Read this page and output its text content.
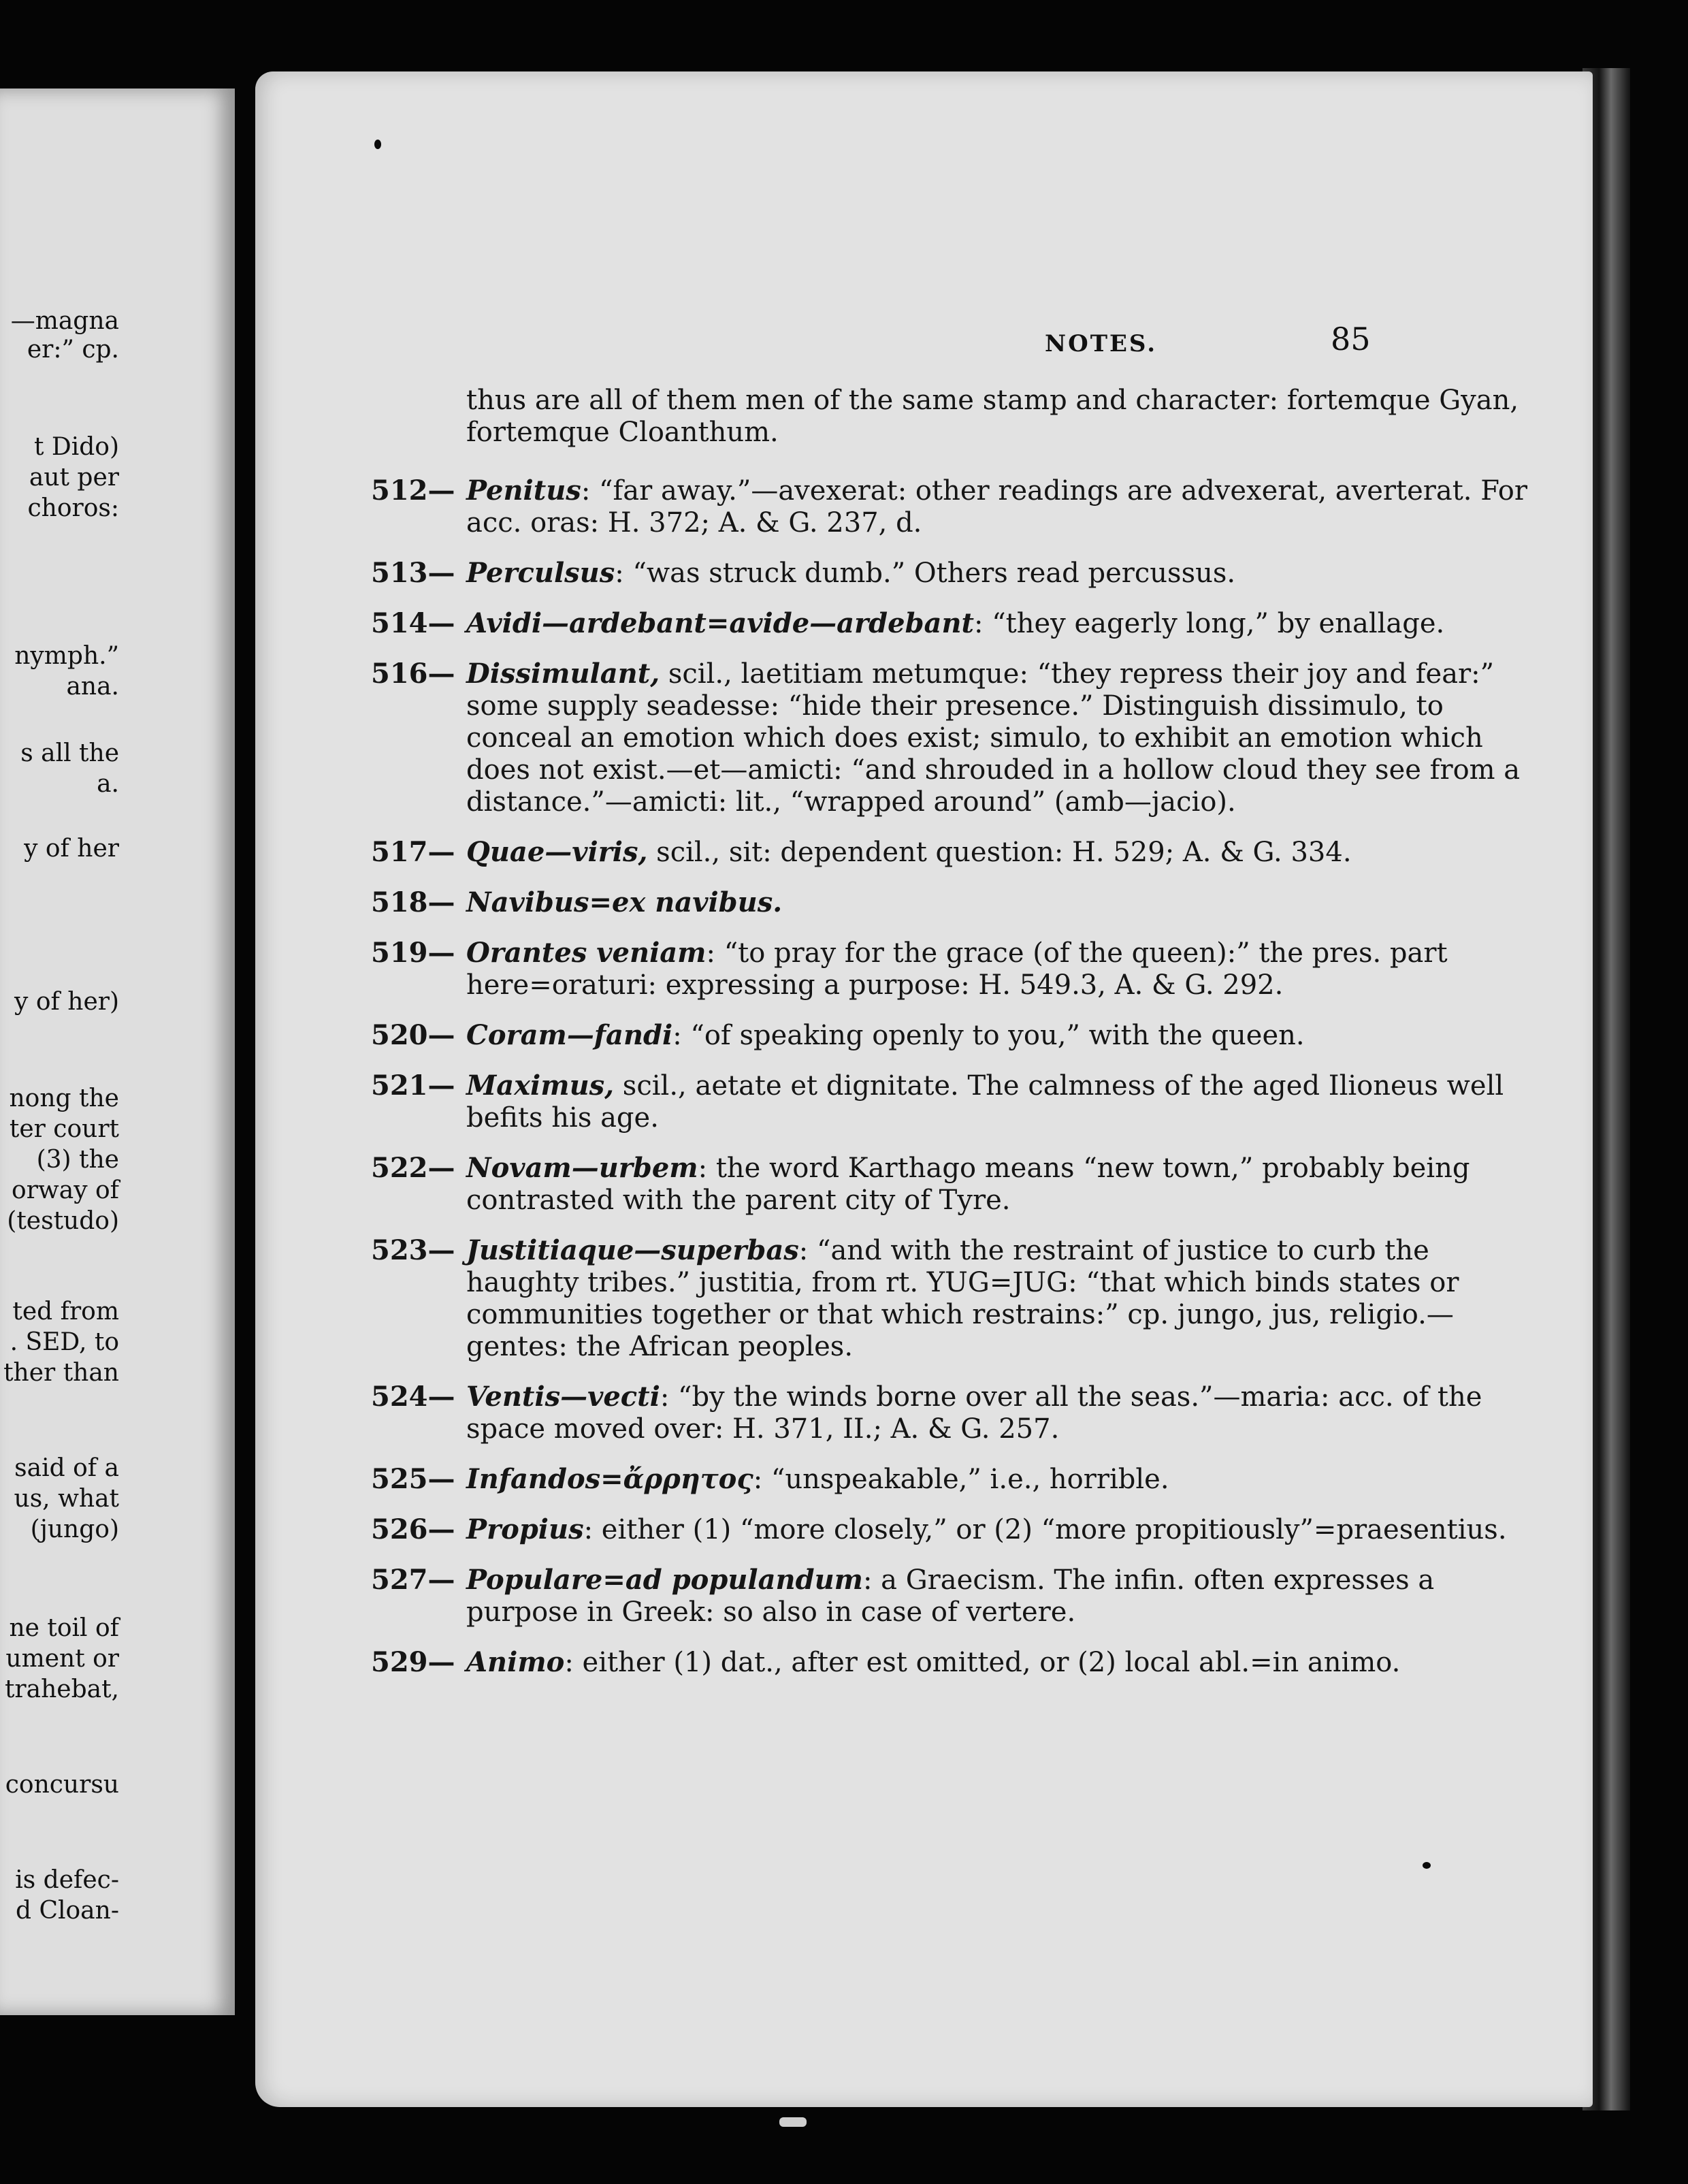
—magna
er:” cp.
t Dido)
aut per
choros:
nymph.”
ana.
s all the
a.
y of her
y of her)
nong the
ter court
(3) the
orway of
(testudo)
ted from
. SED, to
ther than
said of a
us, what
(jungo)
ne toil of
ument or
trahebat,
concursu
is defec-
d Cloan-
NOTES.	85
thus are all of them men of the same stamp and character: fortemque Gyan, fortemque Cloanthum.
512— Penitus: “far away.”—avexerat: other readings are advexerat, averterat. For acc. oras: H. 372; A. & G. 237, d.
513— Perculsus: “was struck dumb.” Others read percussus.
514— Avidi—ardebant=avide—ardebant: “they eagerly long,” by enallage.
516— Dissimulant, scil., laetitiam metumque: “they repress their joy and fear:” some supply seadesse: “hide their presence.” Distinguish dissimulo, to conceal an emotion which does exist; simulo, to exhibit an emotion which does not exist.—et—amicti: “and shrouded in a hollow cloud they see from a distance.”—amicti: lit., “wrapped around” (amb—jacio).
517— Quae—viris, scil., sit: dependent question: H. 529; A. & G. 334.
518— Navibus=ex navibus.
519— Orantes veniam: “to pray for the grace (of the queen):” the pres. part here=oraturi: expressing a purpose: H. 549.3, A. & G. 292.
520— Coram—fandi: “of speaking openly to you,” with the queen.
521— Maximus, scil., aetate et dignitate. The calmness of the aged Ilioneus well befits his age.
522— Novam—urbem: the word Karthago means “new town,” probably being contrasted with the parent city of Tyre.
523— Justitiaque—superbas: “and with the restraint of justice to curb the haughty tribes.” justitia, from rt. YUG=JUG: “that which binds states or communities together or that which restrains:” cp. jungo, jus, religio.—gentes: the African peoples.
524— Ventis—vecti: “by the winds borne over all the seas.”—maria: acc. of the space moved over: H. 371, II.; A. & G. 257.
525— Infandos=ἄρρητος: “unspeakable,” i.e., horrible.
526— Propius: either (1) “more closely,” or (2) “more propitiously”=praesentius.
527— Populare=ad populandum: a Graecism. The infin. often expresses a purpose in Greek: so also in case of vertere.
529— Animo: either (1) dat., after est omitted, or (2) local abl.=in animo.
